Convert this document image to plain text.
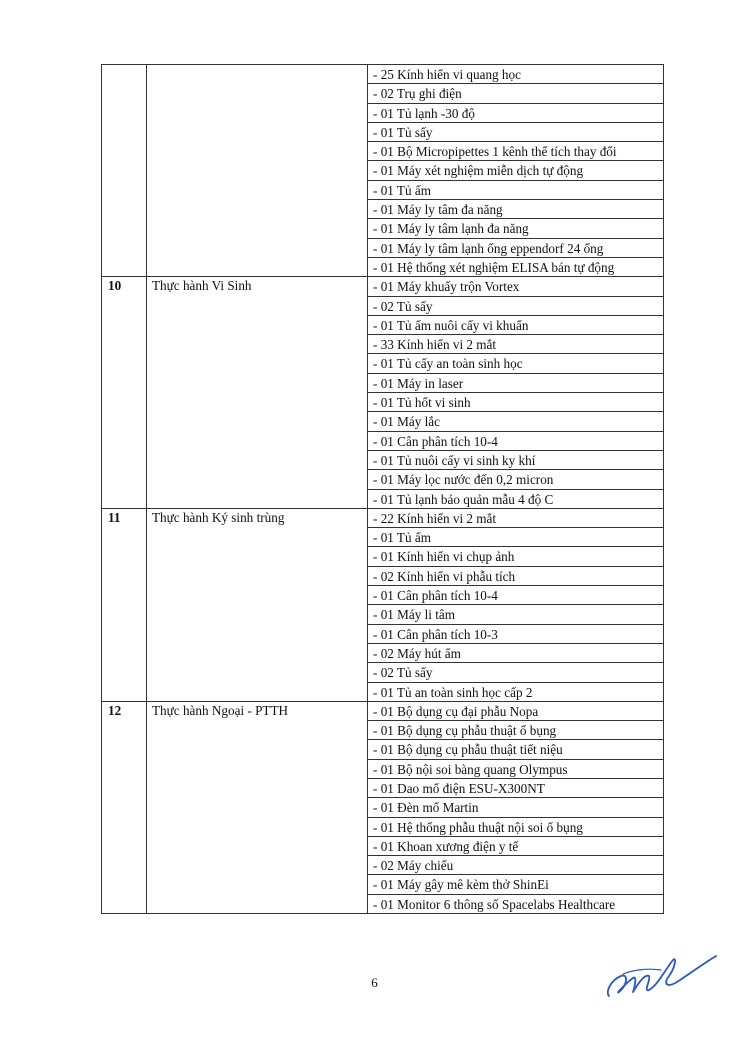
		- 25 Kính hiển vi quang học
		- 02 Trụ ghi điện
		- 01 Tủ lạnh -30 độ
		- 01 Tủ sấy
		- 01 Bộ Micropipettes 1 kênh thể tích thay đổi
		- 01 Máy xét nghiệm miễn dịch tự động
		- 01 Tủ ấm
		- 01 Máy ly tâm đa năng
		- 01 Máy ly tâm lạnh đa năng
		- 01 Máy ly tâm lạnh ống eppendorf 24 ống
		- 01 Hệ thống xét nghiệm ELISA bán tự động
10	Thực hành Vi Sinh	- 01 Máy khuấy trộn Vortex
		- 02 Tủ sấy
		- 01 Tủ ấm nuôi cấy vi khuẩn
		- 33 Kính hiển vi 2 mắt
		- 01 Tủ cấy an toàn sinh học
		- 01 Máy in laser
		- 01 Tủ hốt vi sinh
		- 01 Máy lắc
		- 01 Cân phân tích 10-4
		- 01 Tủ nuôi cấy vi sinh ky khí
		- 01 Máy lọc nước đến 0,2 micron
		- 01 Tủ lạnh bảo quản mẫu 4 độ C
11	Thực hành Ký sinh trùng	- 22 Kính hiển vi 2 mắt
		- 01 Tủ ấm
		- 01 Kính hiển vi chụp ảnh
		- 02 Kính hiển vi phẫu tích
		- 01 Cân phân tích 10-4
		- 01 Máy li tâm
		- 01 Cân phân tích 10-3
		- 02 Máy hút ẩm
		- 02 Tủ sấy
		- 01 Tủ an toàn sinh học cấp 2
12	Thực hành Ngoại - PTTH	- 01 Bộ dụng cụ đại phẫu Nopa
		- 01 Bộ dụng cụ phẫu thuật ổ bụng
		- 01 Bộ dụng cụ phẫu thuật tiết niệu
		- 01 Bộ nội soi bàng quang Olympus
		- 01 Dao mổ điện ESU-X300NT
		- 01 Đèn mổ Martin
		- 01 Hệ thống phẫu thuật nội soi ổ bụng
		- 01 Khoan xương điện y tế
		- 02 Máy chiếu
		- 01 Máy gây mê kèm thở ShinEi
		- 01 Monitor 6 thông số Spacelabs Healthcare
6
